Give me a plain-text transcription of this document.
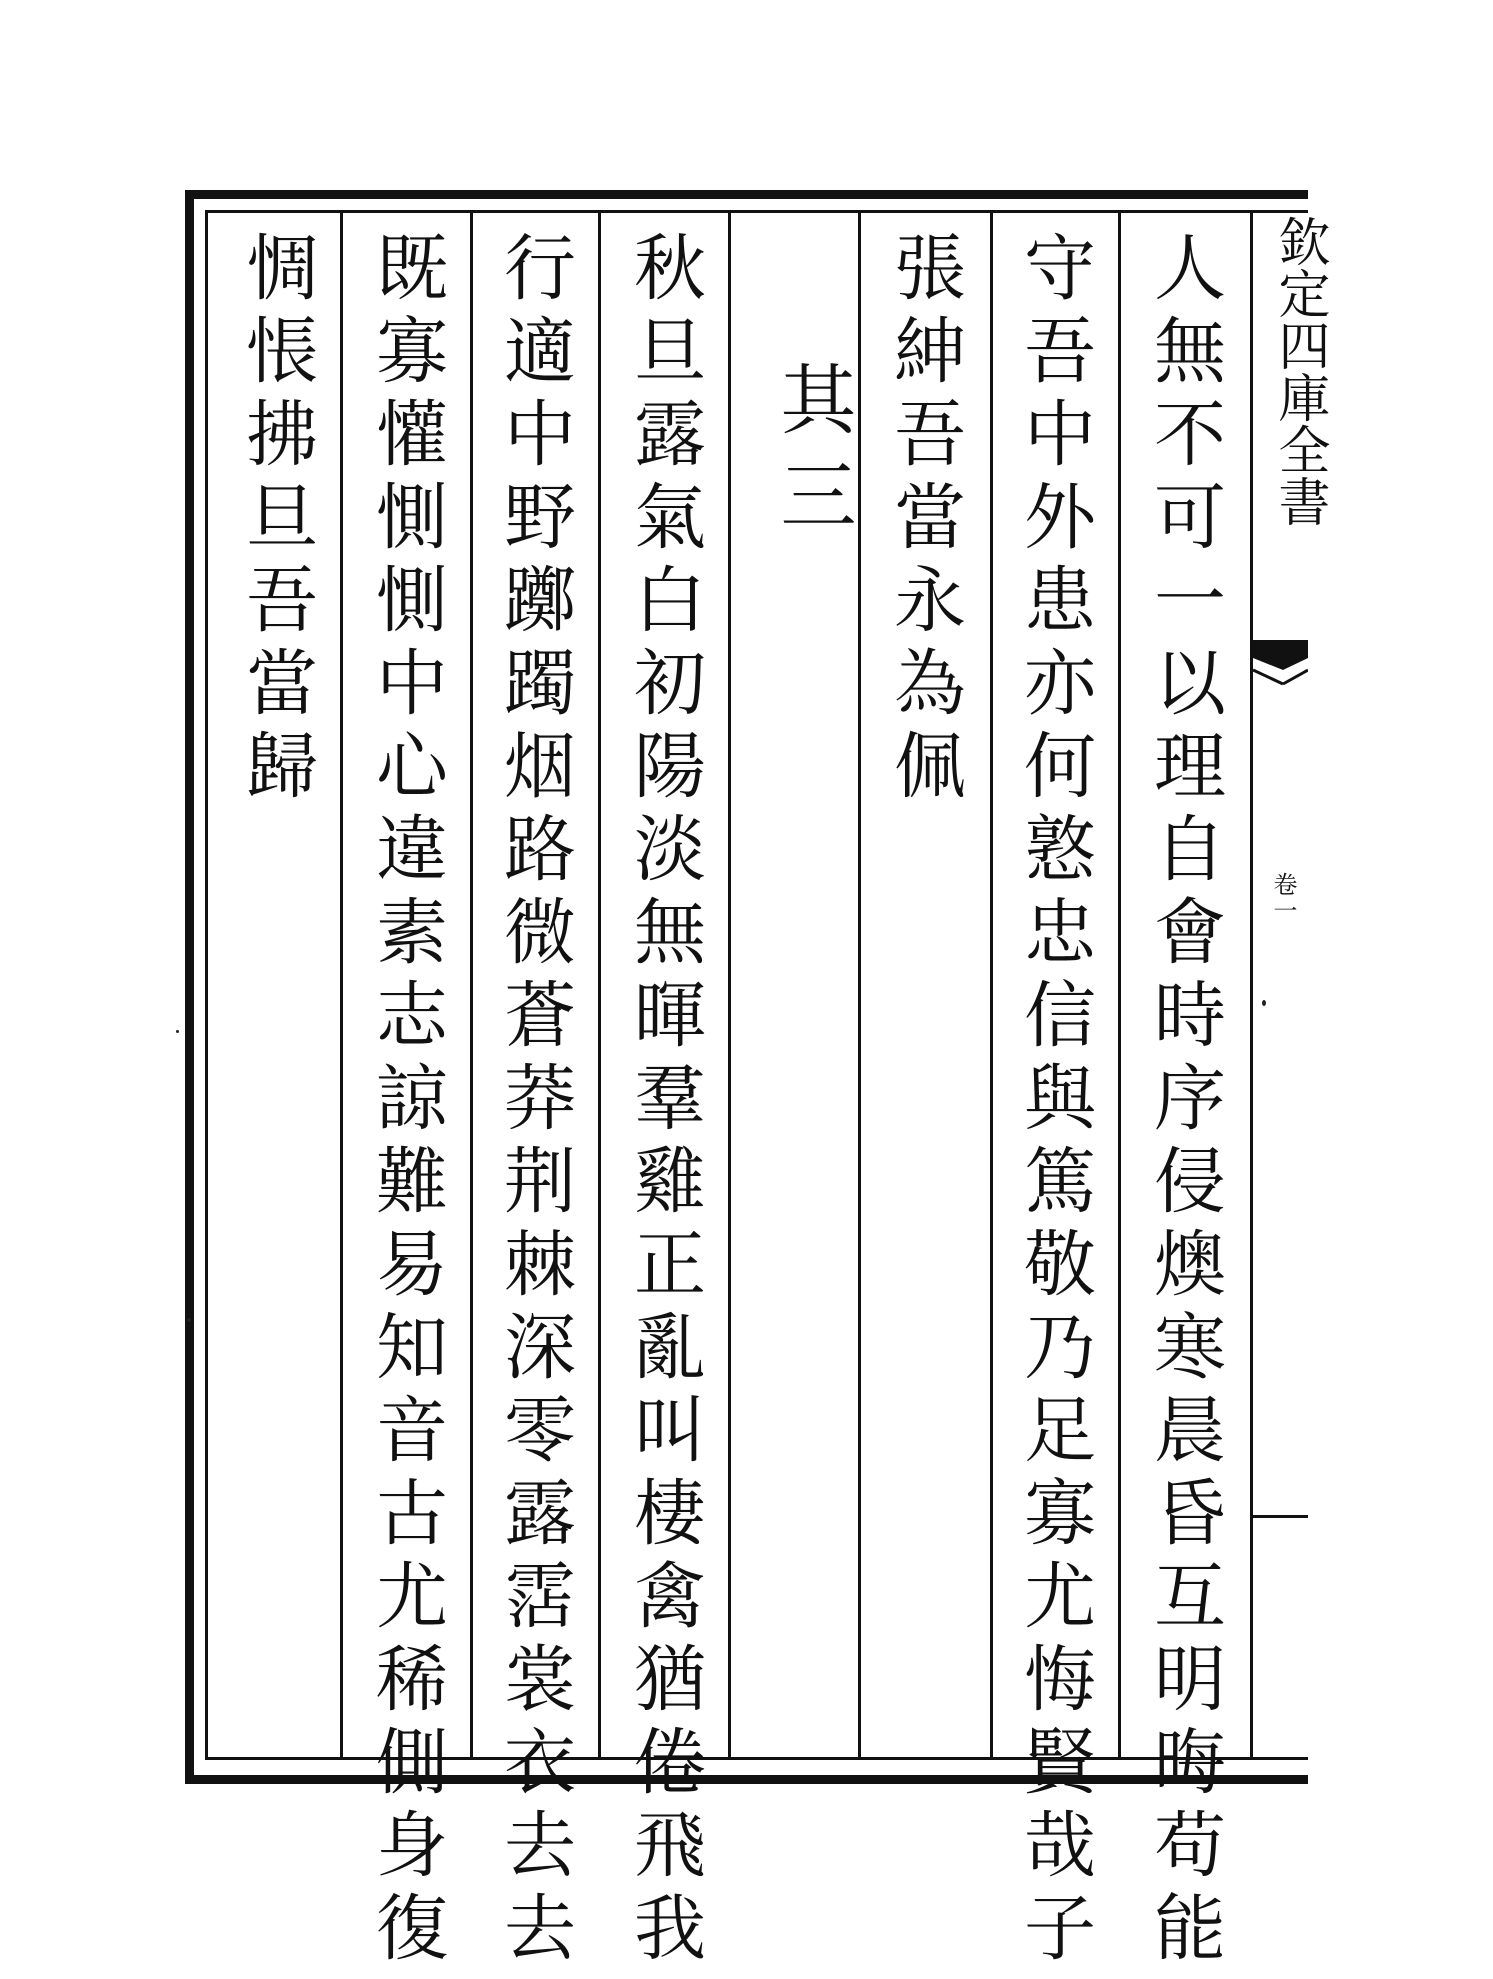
欽定四庫全書
卷一
人無不可一以理自會時序侵燠寒晨昏互明晦苟能
守吾中外患亦何憝忠信與篤敬乃足寡尤悔賢哉子
張紳吾當永為佩
其三
秋旦露氣白初陽淡無暉羣雞正亂叫棲禽猶倦飛我
行適中野躑躅烟路微蒼莽荆棘深零露霑裳衣去去
既寡懽惻惻中心違素志諒難易知音古尤稀側身復
惆悵拂旦吾當歸
